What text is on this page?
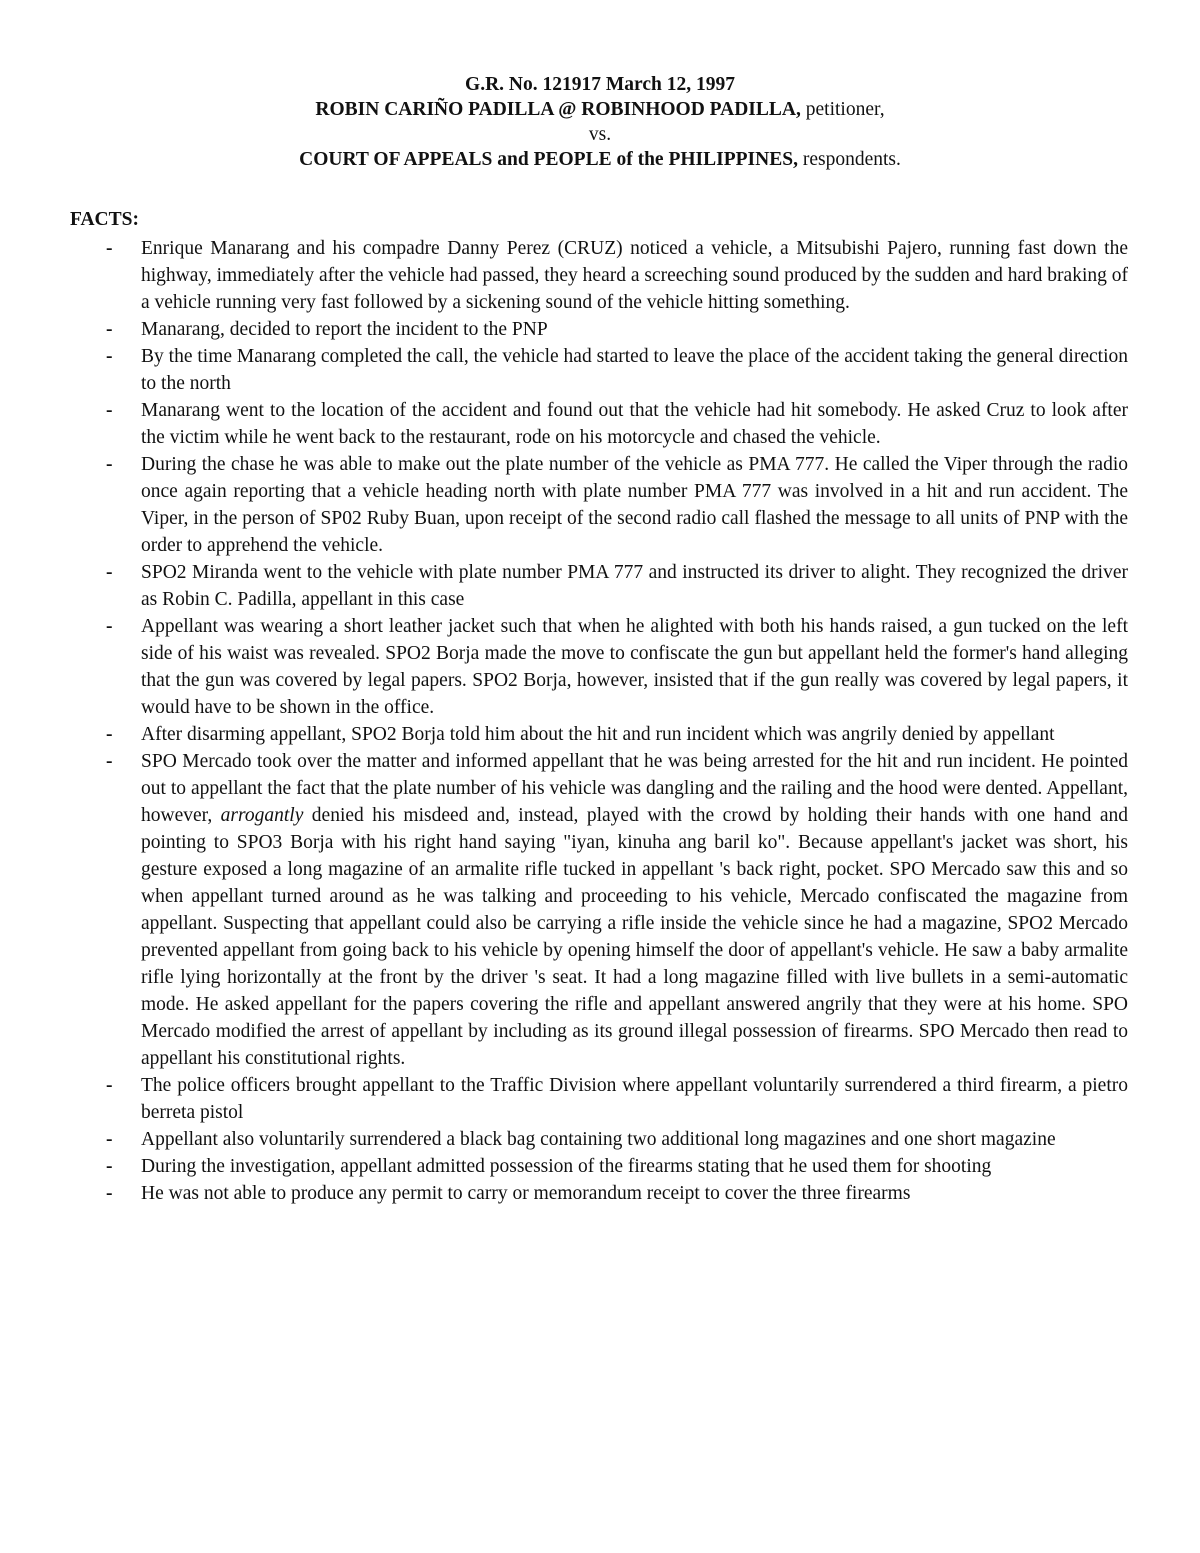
G.R. No. 121917 March 12, 1997
ROBIN CARIÑO PADILLA @ ROBINHOOD PADILLA, petitioner,
vs.
COURT OF APPEALS and PEOPLE of the PHILIPPINES, respondents.
FACTS:
- Enrique Manarang and his compadre Danny Perez (CRUZ) noticed a vehicle, a Mitsubishi Pajero, running fast down the highway, immediately after the vehicle had passed, they heard a screeching sound produced by the sudden and hard braking of a vehicle running very fast followed by a sickening sound of the vehicle hitting something.
- Manarang, decided to report the incident to the PNP
- By the time Manarang completed the call, the vehicle had started to leave the place of the accident taking the general direction to the north
- Manarang went to the location of the accident and found out that the vehicle had hit somebody. He asked Cruz to look after the victim while he went back to the restaurant, rode on his motorcycle and chased the vehicle.
- During the chase he was able to make out the plate number of the vehicle as PMA 777. He called the Viper through the radio once again reporting that a vehicle heading north with plate number PMA 777 was involved in a hit and run accident. The Viper, in the person of SP02 Ruby Buan, upon receipt of the second radio call flashed the message to all units of PNP with the order to apprehend the vehicle.
- SPO2 Miranda went to the vehicle with plate number PMA 777 and instructed its driver to alight. They recognized the driver as Robin C. Padilla, appellant in this case
- Appellant was wearing a short leather jacket such that when he alighted with both his hands raised, a gun tucked on the left side of his waist was revealed. SPO2 Borja made the move to confiscate the gun but appellant held the former's hand alleging that the gun was covered by legal papers. SPO2 Borja, however, insisted that if the gun really was covered by legal papers, it would have to be shown in the office.
- After disarming appellant, SPO2 Borja told him about the hit and run incident which was angrily denied by appellant
- SPO Mercado took over the matter and informed appellant that he was being arrested for the hit and run incident. He pointed out to appellant the fact that the plate number of his vehicle was dangling and the railing and the hood were dented. Appellant, however, arrogantly denied his misdeed and, instead, played with the crowd by holding their hands with one hand and pointing to SPO3 Borja with his right hand saying "iyan, kinuha ang baril ko". Because appellant's jacket was short, his gesture exposed a long magazine of an armalite rifle tucked in appellant 's back right, pocket. SPO Mercado saw this and so when appellant turned around as he was talking and proceeding to his vehicle, Mercado confiscated the magazine from appellant. Suspecting that appellant could also be carrying a rifle inside the vehicle since he had a magazine, SPO2 Mercado prevented appellant from going back to his vehicle by opening himself the door of appellant's vehicle. He saw a baby armalite rifle lying horizontally at the front by the driver 's seat. It had a long magazine filled with live bullets in a semi-automatic mode. He asked appellant for the papers covering the rifle and appellant answered angrily that they were at his home. SPO Mercado modified the arrest of appellant by including as its ground illegal possession of firearms. SPO Mercado then read to appellant his constitutional rights.
- The police officers brought appellant to the Traffic Division where appellant voluntarily surrendered a third firearm, a pietro berreta pistol
- Appellant also voluntarily surrendered a black bag containing two additional long magazines and one short magazine
- During the investigation, appellant admitted possession of the firearms stating that he used them for shooting
- He was not able to produce any permit to carry or memorandum receipt to cover the three firearms
